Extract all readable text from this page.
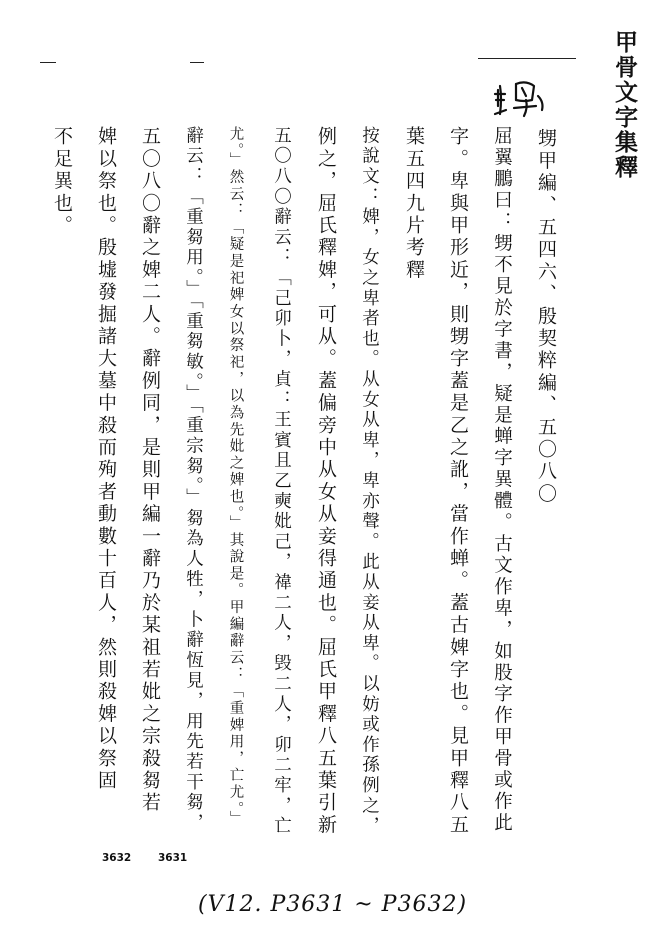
甲骨文字集釋
甥甲編、五四六、殷契粹編、五〇八〇
屈翼鵬曰：甥不見於字書，疑是蝉字異體。古文作卑，如股字作甲骨或作此
字。卑與甲形近，則甥字蓋是乙之訛，當作蝉。蓋古婢字也。見甲釋八五
葉五四九片考釋
按說文：婢，女之卑者也。从女从卑，卑亦聲。此从妾从卑。以妨或作孫例之，
例之，屈氏釋婢，可从。蓋偏旁中从女从妾得通也。屈氏甲釋八五葉引新
五〇八〇辭云：「己卯卜，貞：王賓且乙奭妣己，禕二人，毁二人，卯二牢，亡
尤。」然云：「疑是祀婢女以祭祀，以為先妣之婢也。」其說是。甲編辭云：「重婢用，亡尤。」
辭云：「重芻用。」「重芻敏。」「重宗芻。」芻為人牲，卜辭恆見，用先若干芻，
五〇八〇辭之婢二人。辭例同，是則甲編一辭乃於某祖若妣之宗殺芻若
婢以祭也。殷墟發掘諸大墓中殺而殉者動數十百人，然則殺婢以祭固
不足異也。
3632	3631
(V12. P3631 ~ P3632)
